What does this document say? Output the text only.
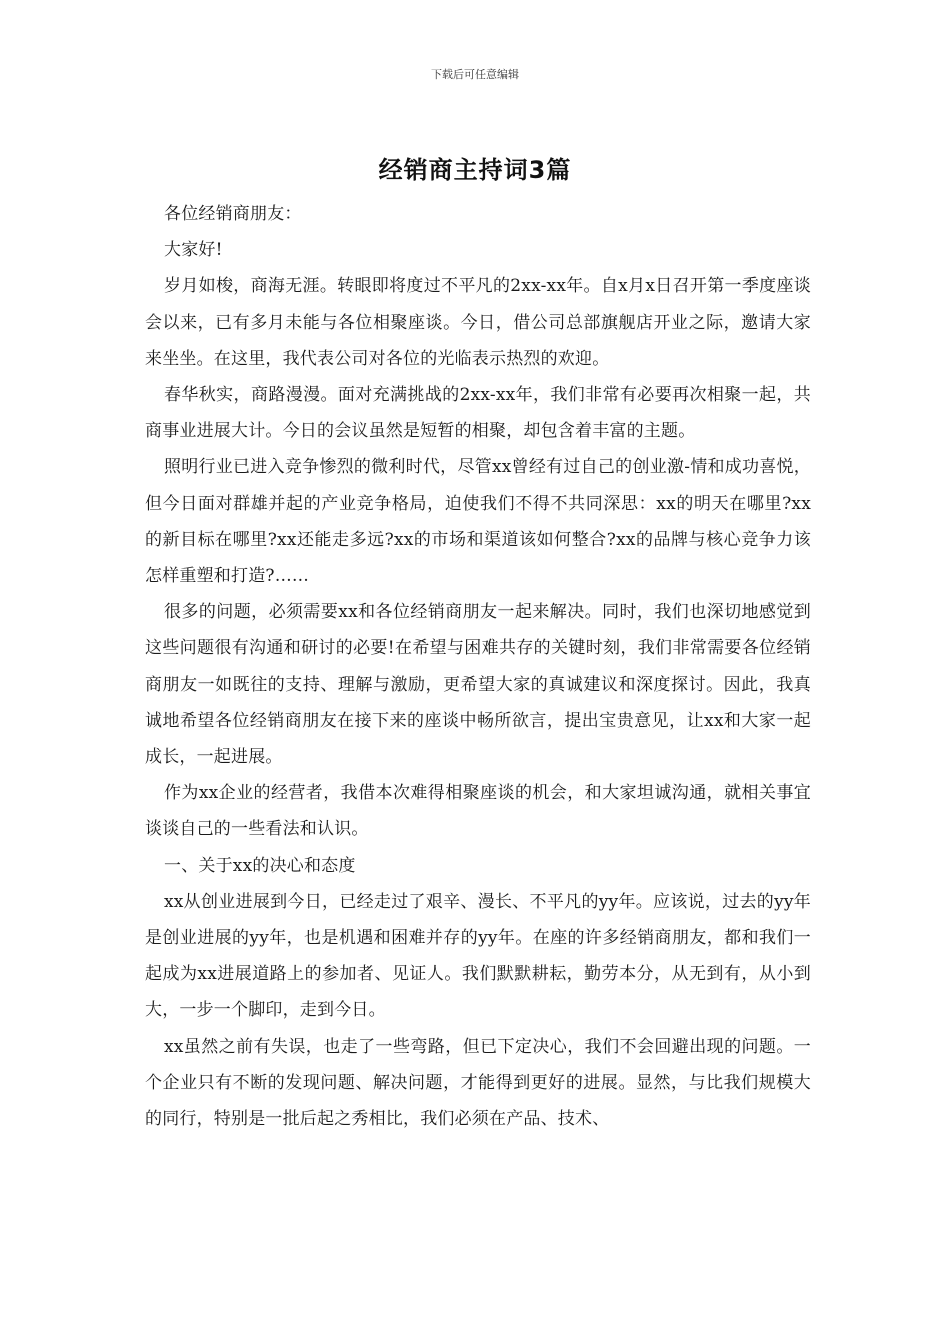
下载后可任意编辑
经销商主持词3篇

各位经销商朋友：

大家好!

岁月如梭，商海无涯。转眼即将度过不平凡的2xx-xx年。自x月x日召开第一季度座谈会以来，已有多月未能与各位相聚座谈。今日，借公司总部旗舰店开业之际，邀请大家来坐坐。在这里，我代表公司对各位的光临表示热烈的欢迎。

春华秋实，商路漫漫。面对充满挑战的2xx-xx年，我们非常有必要再次相聚一起，共商事业进展大计。今日的会议虽然是短暂的相聚，却包含着丰富的主题。

照明行业已进入竞争惨烈的微利时代，尽管xx曾经有过自己的创业激-情和成功喜悦，但今日面对群雄并起的产业竞争格局，迫使我们不得不共同深思：xx的明天在哪里?xx的新目标在哪里?xx还能走多远?xx的市场和渠道该如何整合?xx的品牌与核心竞争力该怎样重塑和打造?……

很多的问题，必须需要xx和各位经销商朋友一起来解决。同时，我们也深切地感觉到这些问题很有沟通和研讨的必要!在希望与困难共存的关键时刻，我们非常需要各位经销商朋友一如既往的支持、理解与激励，更希望大家的真诚建议和深度探讨。因此，我真诚地希望各位经销商朋友在接下来的座谈中畅所欲言，提出宝贵意见，让xx和大家一起成长，一起进展。

作为xx企业的经营者，我借本次难得相聚座谈的机会，和大家坦诚沟通，就相关事宜谈谈自己的一些看法和认识。

一、关于xx的决心和态度

xx从创业进展到今日，已经走过了艰辛、漫长、不平凡的yy年。应该说，过去的yy年是创业进展的yy年，也是机遇和困难并存的yy年。在座的许多经销商朋友，都和我们一起成为xx进展道路上的参加者、见证人。我们默默耕耘，勤劳本分，从无到有，从小到大，一步一个脚印，走到今日。

xx虽然之前有失误，也走了一些弯路，但已下定决心，我们不会回避出现的问题。一个企业只有不断的发现问题、解决问题，才能得到更好的进展。显然，与比我们规模大的同行，特别是一批后起之秀相比，我们必须在产品、技术、
